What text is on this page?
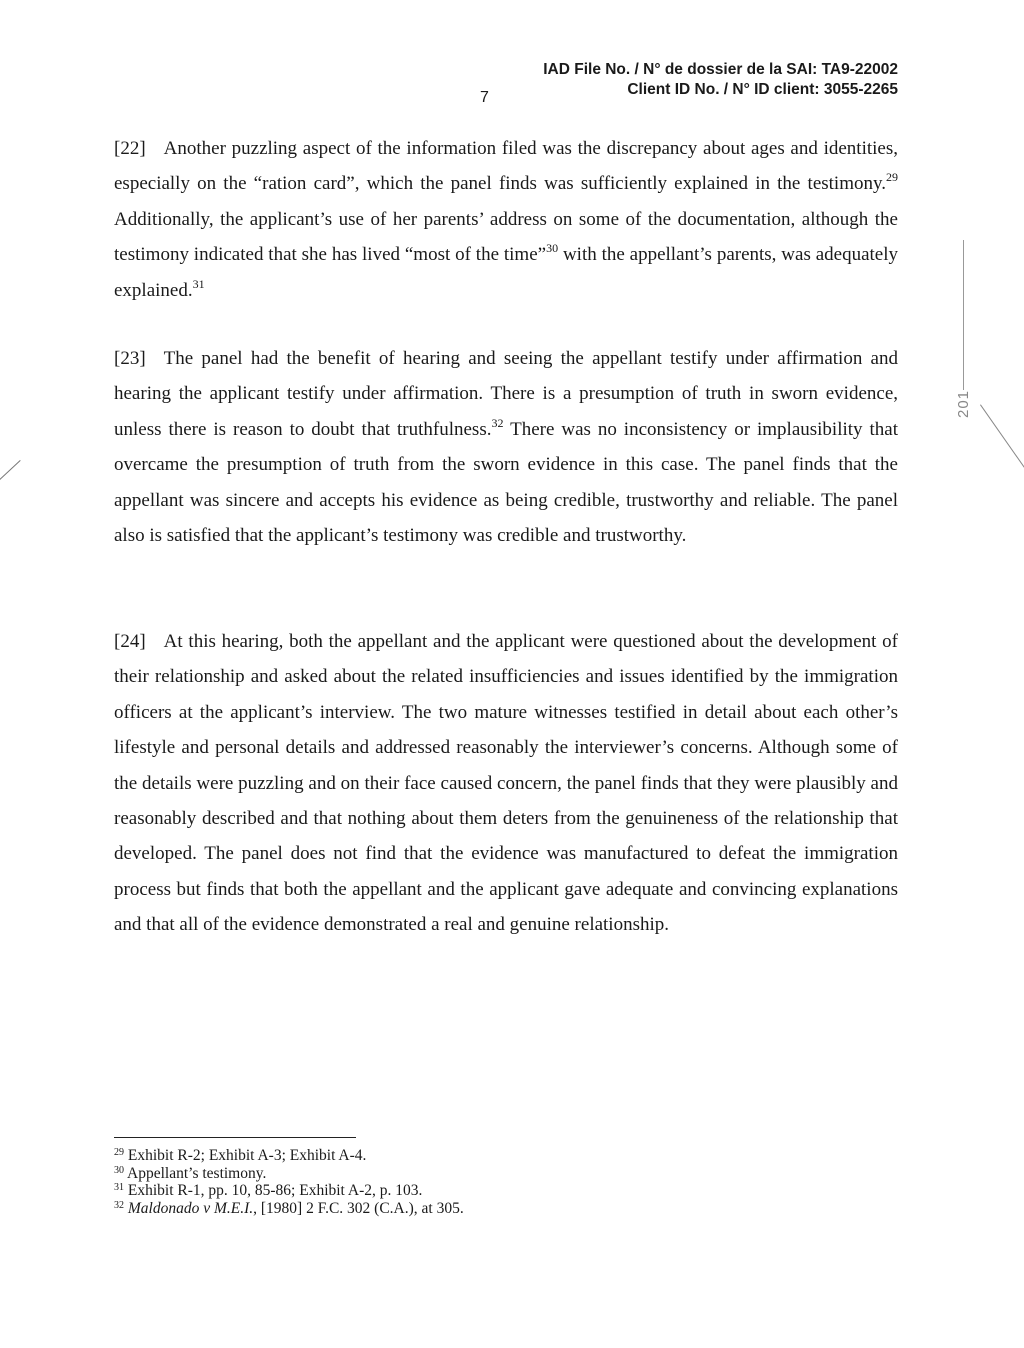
IAD File No. / N° de dossier de la SAI: TA9-22002
Client ID No. / N° ID client: 3055-2265
7

[22] Another puzzling aspect of the information filed was the discrepancy about ages and identities, especially on the “ration card”, which the panel finds was sufficiently explained in the testimony.$^{29}$ Additionally, the applicant’s use of her parents’ address on some of the documentation, although the testimony indicated that she has lived “most of the time”$^{30}$ with the appellant’s parents, was adequately explained.$^{31}$

[23] The panel had the benefit of hearing and seeing the appellant testify under affirmation and hearing the applicant testify under affirmation. There is a presumption of truth in sworn evidence, unless there is reason to doubt that truthfulness.$^{32}$ There was no inconsistency or implausibility that overcame the presumption of truth from the sworn evidence in this case. The panel finds that the appellant was sincere and accepts his evidence as being credible, trustworthy and reliable. The panel also is satisfied that the applicant’s testimony was credible and trustworthy.

[24] At this hearing, both the appellant and the applicant were questioned about the development of their relationship and asked about the related insufficiencies and issues identified by the immigration officers at the applicant’s interview. The two mature witnesses testified in detail about each other’s lifestyle and personal details and addressed reasonably the interviewer’s concerns. Although some of the details were puzzling and on their face caused concern, the panel finds that they were plausibly and reasonably described and that nothing about them deters from the genuineness of the relationship that developed. The panel does not find that the evidence was manufactured to defeat the immigration process but finds that both the appellant and the applicant gave adequate and convincing explanations and that all of the evidence demonstrated a real and genuine relationship.

$^{29}$ Exhibit R-2; Exhibit A-3; Exhibit A-4.
$^{30}$ Appellant’s testimony.
$^{31}$ Exhibit R-1, pp. 10, 85-86; Exhibit A-2, p. 103.
$^{32}$ Maldonado v M.E.I., [1980] 2 F.C. 302 (C.A.), at 305.
201
